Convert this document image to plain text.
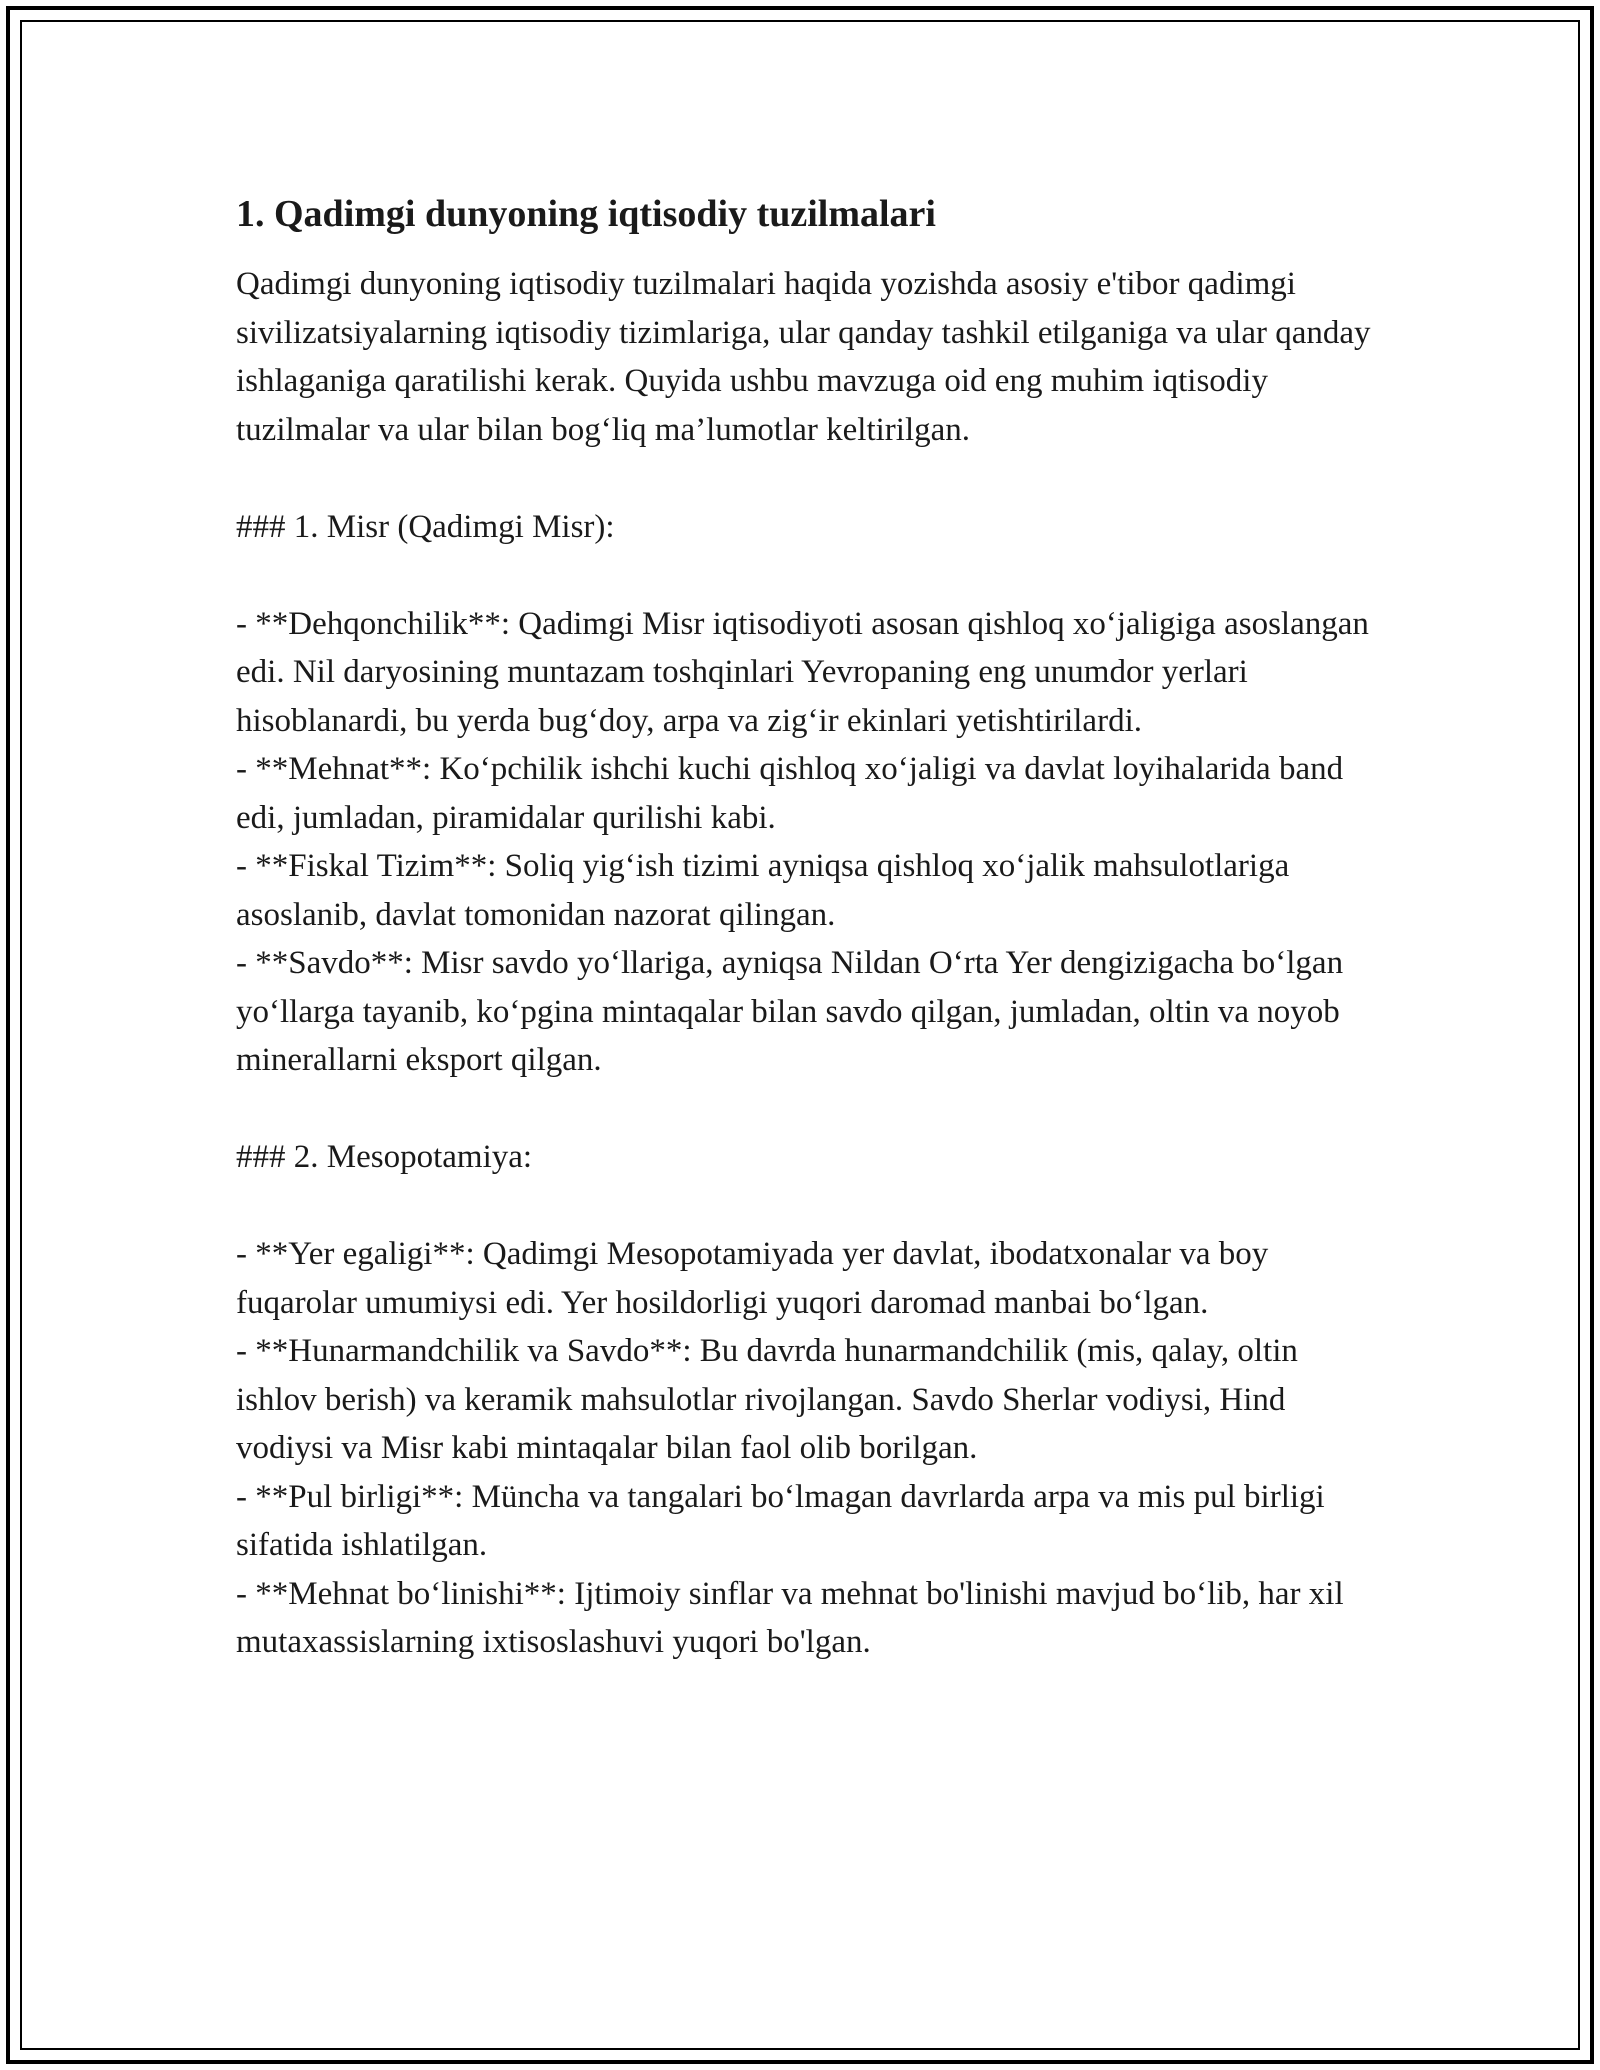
1. Qadimgi dunyoning iqtisodiy tuzilmalari

Qadimgi dunyoning iqtisodiy tuzilmalari haqida yozishda asosiy e'tibor qadimgi sivilizatsiyalarning iqtisodiy tizimlariga, ular qanday tashkil etilganiga va ular qanday ishlaganiga qaratilishi kerak. Quyida ushbu mavzuga oid eng muhim iqtisodiy tuzilmalar va ular bilan bog‘liq ma’lumotlar keltirilgan.

### 1. Misr (Qadimgi Misr):

- **Dehqonchilik**: Qadimgi Misr iqtisodiyoti asosan qishloq xo‘jaligiga asoslangan edi. Nil daryosining muntazam toshqinlari Yevropaning eng unumdor yerlari hisoblanardi, bu yerda bug‘doy, arpa va zig‘ir ekinlari yetishtirilardi.

- **Mehnat**: Ko‘pchilik ishchi kuchi qishloq xo‘jaligi va davlat loyihalarida band edi, jumladan, piramidalar qurilishi kabi.

- **Fiskal Tizim**: Soliq yig‘ish tizimi ayniqsa qishloq xo‘jalik mahsulotlariga asoslanib, davlat tomonidan nazorat qilingan.

- **Savdo**: Misr savdo yo‘llariga, ayniqsa Nildan O‘rta Yer dengizigacha bo‘lgan yo‘llarga tayanib, ko‘pgina mintaqalar bilan savdo qilgan, jumladan, oltin va noyob minerallarni eksport qilgan.

### 2. Mesopotamiya:

- **Yer egaligi**: Qadimgi Mesopotamiyada yer davlat, ibodatxonalar va boy fuqarolar umumiysi edi. Yer hosildorligi yuqori daromad manbai bo‘lgan.

- **Hunarmandchilik va Savdo**: Bu davrda hunarmandchilik (mis, qalay, oltin ishlov berish) va keramik mahsulotlar rivojlangan. Savdo Sherlar vodiysi, Hind vodiysi va Misr kabi mintaqalar bilan faol olib borilgan.

- **Pul birligi**: Müncha va tangalari bo‘lmagan davrlarda arpa va mis pul birligi sifatida ishlatilgan.

- **Mehnat bo‘linishi**: Ijtimoiy sinflar va mehnat bo'linishi mavjud bo‘lib, har xil mutaxassislarning ixtisoslashuvi yuqori bo'lgan.
